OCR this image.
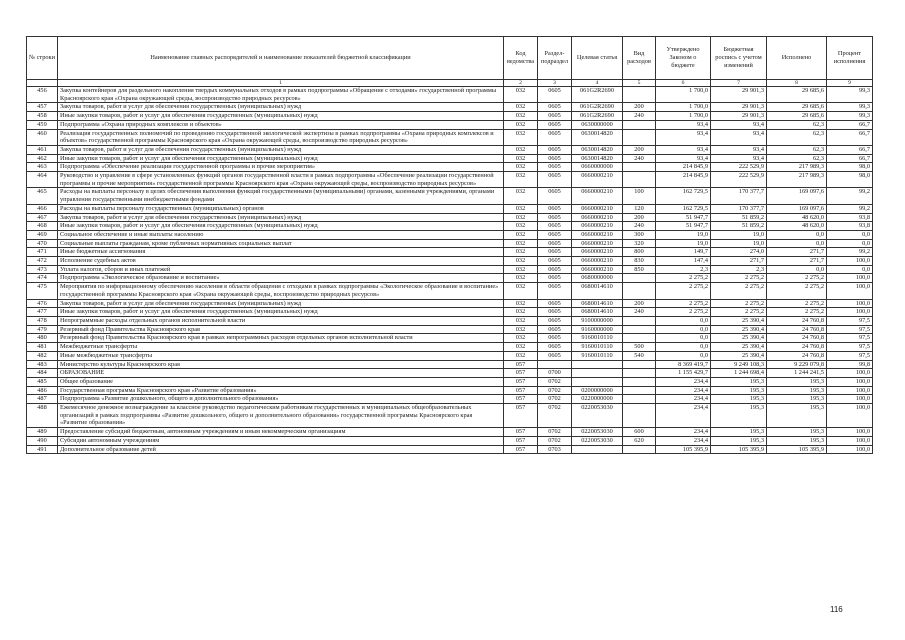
№ строки	Наименование главных распорядителей и наименование показателей бюджетной классификации	Код ведомства	Раздел-подраздел	Целевая статья	Вид расходов	Утверждено Законом о бюджете	Бюджетная роспись с учетом изменений	Исполнено	Процент исполнения
	1	2	3	4	5	6	7	8	9
456	Закупка контейнеров для раздельного накопления твердых коммунальных отходов в рамках подпрограммы «Обращение с отходами» государственной программы Красноярского края «Охрана окружающей среды, воспроизводство природных ресурсов»	032	0605	061G2R2690		1 700,0	29 901,3	29 685,6	99,3
457	Закупка товаров, работ и услуг для обеспечения государственных (муниципальных) нужд	032	0605	061G2R2690	200	1 700,0	29 901,3	29 685,6	99,3
458	Иные закупки товаров, работ и услуг для обеспечения государственных (муниципальных) нужд	032	0605	061G2R2690	240	1 700,0	29 901,3	29 685,6	99,3
459	Подпрограмма «Охрана природных комплексов и объектов»	032	0605	0630000000		93,4	93,4	62,3	66,7
460	Реализация государственных полномочий по проведению государственной экологической экспертизы в рамках подпрограммы «Охрана природных комплексов и объектов» государственной программы Красноярского края «Охрана окружающей среды, воспроизводство природных ресурсов»	032	0605	0630014820		93,4	93,4	62,3	66,7
461	Закупка товаров, работ и услуг для обеспечения государственных (муниципальных) нужд	032	0605	0630014820	200	93,4	93,4	62,3	66,7
462	Иные закупки товаров, работ и услуг для обеспечения государственных (муниципальных) нужд	032	0605	0630014820	240	93,4	93,4	62,3	66,7
463	Подпрограмма «Обеспечение реализации государственной программы и прочие мероприятия»	032	0605	0660000000		214 845,9	222 529,9	217 989,3	98,0
464	Руководство и управление в сфере установленных функций органов государственной власти в рамках подпрограммы «Обеспечение реализации государственной программы и прочие мероприятия» государственной программы Красноярского края «Охрана окружающей среды, воспроизводство природных ресурсов»	032	0605	0660000210		214 845,9	222 529,9	217 989,3	98,0
465	Расходы на выплаты персоналу в целях обеспечения выполнения функций государственными (муниципальными) органами, казенными учреждениями, органами управления государственными внебюджетными фондами	032	0605	0660000210	100	162 729,5	170 377,7	169 097,6	99,2
466	Расходы на выплаты персоналу государственных (муниципальных) органов	032	0605	0660000210	120	162 729,5	170 377,7	169 097,6	99,2
467	Закупка товаров, работ и услуг для обеспечения государственных (муниципальных) нужд	032	0605	0660000210	200	51 947,7	51 859,2	48 620,0	93,8
468	Иные закупки товаров, работ и услуг для обеспечения государственных (муниципальных) нужд	032	0605	0660000210	240	51 947,7	51 859,2	48 620,0	93,8
469	Социальное обеспечение и иные выплаты населению	032	0605	0660000210	300	19,0	19,0	0,0	0,0
470	Социальные выплаты гражданам, кроме публичных нормативных социальных выплат	032	0605	0660000210	320	19,0	19,0	0,0	0,0
471	Иные бюджетные ассигнования	032	0605	0660000210	800	149,7	274,0	271,7	99,2
472	Исполнение судебных актов	032	0605	0660000210	830	147,4	271,7	271,7	100,0
473	Уплата налогов, сборов и иных платежей	032	0605	0660000210	850	2,3	2,3	0,0	0,0
474	Подпрограмма «Экологическое образование и воспитание»	032	0605	0680000000		2 275,2	2 275,2	2 275,2	100,0
475	Мероприятия по информационному обеспечению населения в области обращения с отходами в рамках подпрограммы «Экологическое образование и воспитание» государственной программы Красноярского края «Охрана окружающей среды, воспроизводство природных ресурсов»	032	0605	0680014610		2 275,2	2 275,2	2 275,2	100,0
476	Закупка товаров, работ и услуг для обеспечения государственных (муниципальных) нужд	032	0605	0680014610	200	2 275,2	2 275,2	2 275,2	100,0
477	Иные закупки товаров, работ и услуг для обеспечения государственных (муниципальных) нужд	032	0605	0680014610	240	2 275,2	2 275,2	2 275,2	100,0
478	Непрограммные расходы отдельных органов исполнительной власти	032	0605	9100000000		0,0	25 390,4	24 760,8	97,5
479	Резервный фонд Правительства Красноярского края	032	0605	9160000000		0,0	25 390,4	24 760,8	97,5
480	Резервный фонд Правительства Красноярского края в рамках непрограммных расходов отдельных органов исполнительной власти	032	0605	9160010110		0,0	25 390,4	24 760,8	97,5
481	Межбюджетные трансферты	032	0605	9160010110	500	0,0	25 390,4	24 760,8	97,5
482	Иные межбюджетные трансферты	032	0605	9160010110	540	0,0	25 390,4	24 760,8	97,5
483	Министерство культуры Красноярского края	057				8 369 419,7	9 249 108,3	9 229 079,8	99,8
484	ОБРАЗОВАНИЕ	057	0700			1 155 429,7	1 244 698,4	1 244 241,5	100,0
485	Общее образование	057	0702			234,4	195,3	195,3	100,0
486	Государственная программа Красноярского края «Развитие образования»	057	0702	0200000000		234,4	195,3	195,3	100,0
487	Подпрограмма «Развитие дошкольного, общего и дополнительного образования»	057	0702	0220000000		234,4	195,3	195,3	100,0
488	Ежемесячное денежное вознаграждение за классное руководство педагогическим работникам государственных и муниципальных общеобразовательных организаций в рамках подпрограммы «Развитие дошкольного, общего и дополнительного образования» государственной программы Красноярского края «Развитие образования»	057	0702	0220053030		234,4	195,3	195,3	100,0
489	Предоставление субсидий бюджетным, автономным учреждениям и иным некоммерческим организациям	057	0702	0220053030	600	234,4	195,3	195,3	100,0
490	Субсидии автономным учреждениям	057	0702	0220053030	620	234,4	195,3	195,3	100,0
491	Дополнительное образование детей	057	0703			105 395,9	105 395,9	105 395,9	100,0
116
